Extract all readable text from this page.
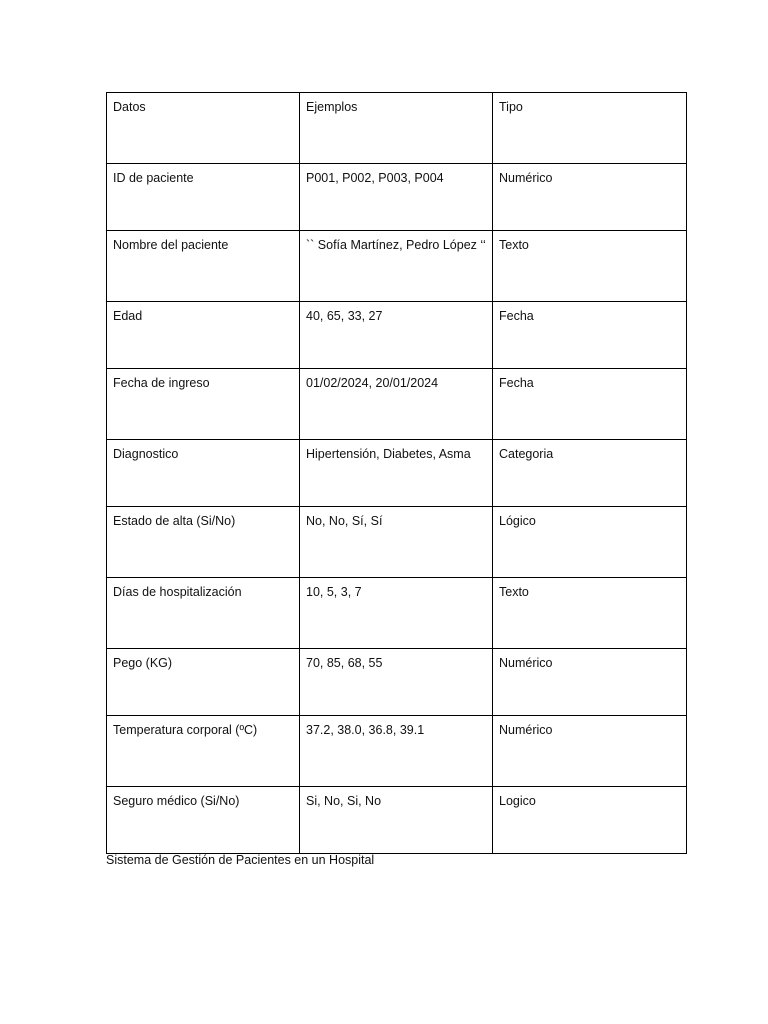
Datos	Ejemplos	Tipo
ID de paciente	P001, P002, P003, P004	Numérico
Nombre del paciente	`` Sofía Martínez, Pedro López ‘‘	Texto
Edad	40, 65, 33, 27	Fecha
Fecha de ingreso	01/02/2024, 20/01/2024	Fecha
Diagnostico	Hipertensión, Diabetes, Asma	Categoria
Estado de alta (Si/No)	No, No, Sí, Sí	Lógico
Días de hospitalización	10, 5, 3, 7	Texto
Pego (KG)	70, 85, 68, 55	Numérico
Temperatura corporal (ºC)	37.2, 38.0, 36.8, 39.1	Numérico
Seguro médico (Si/No)	Si, No, Si, No	Logico
Sistema de Gestión de Pacientes en un Hospital
